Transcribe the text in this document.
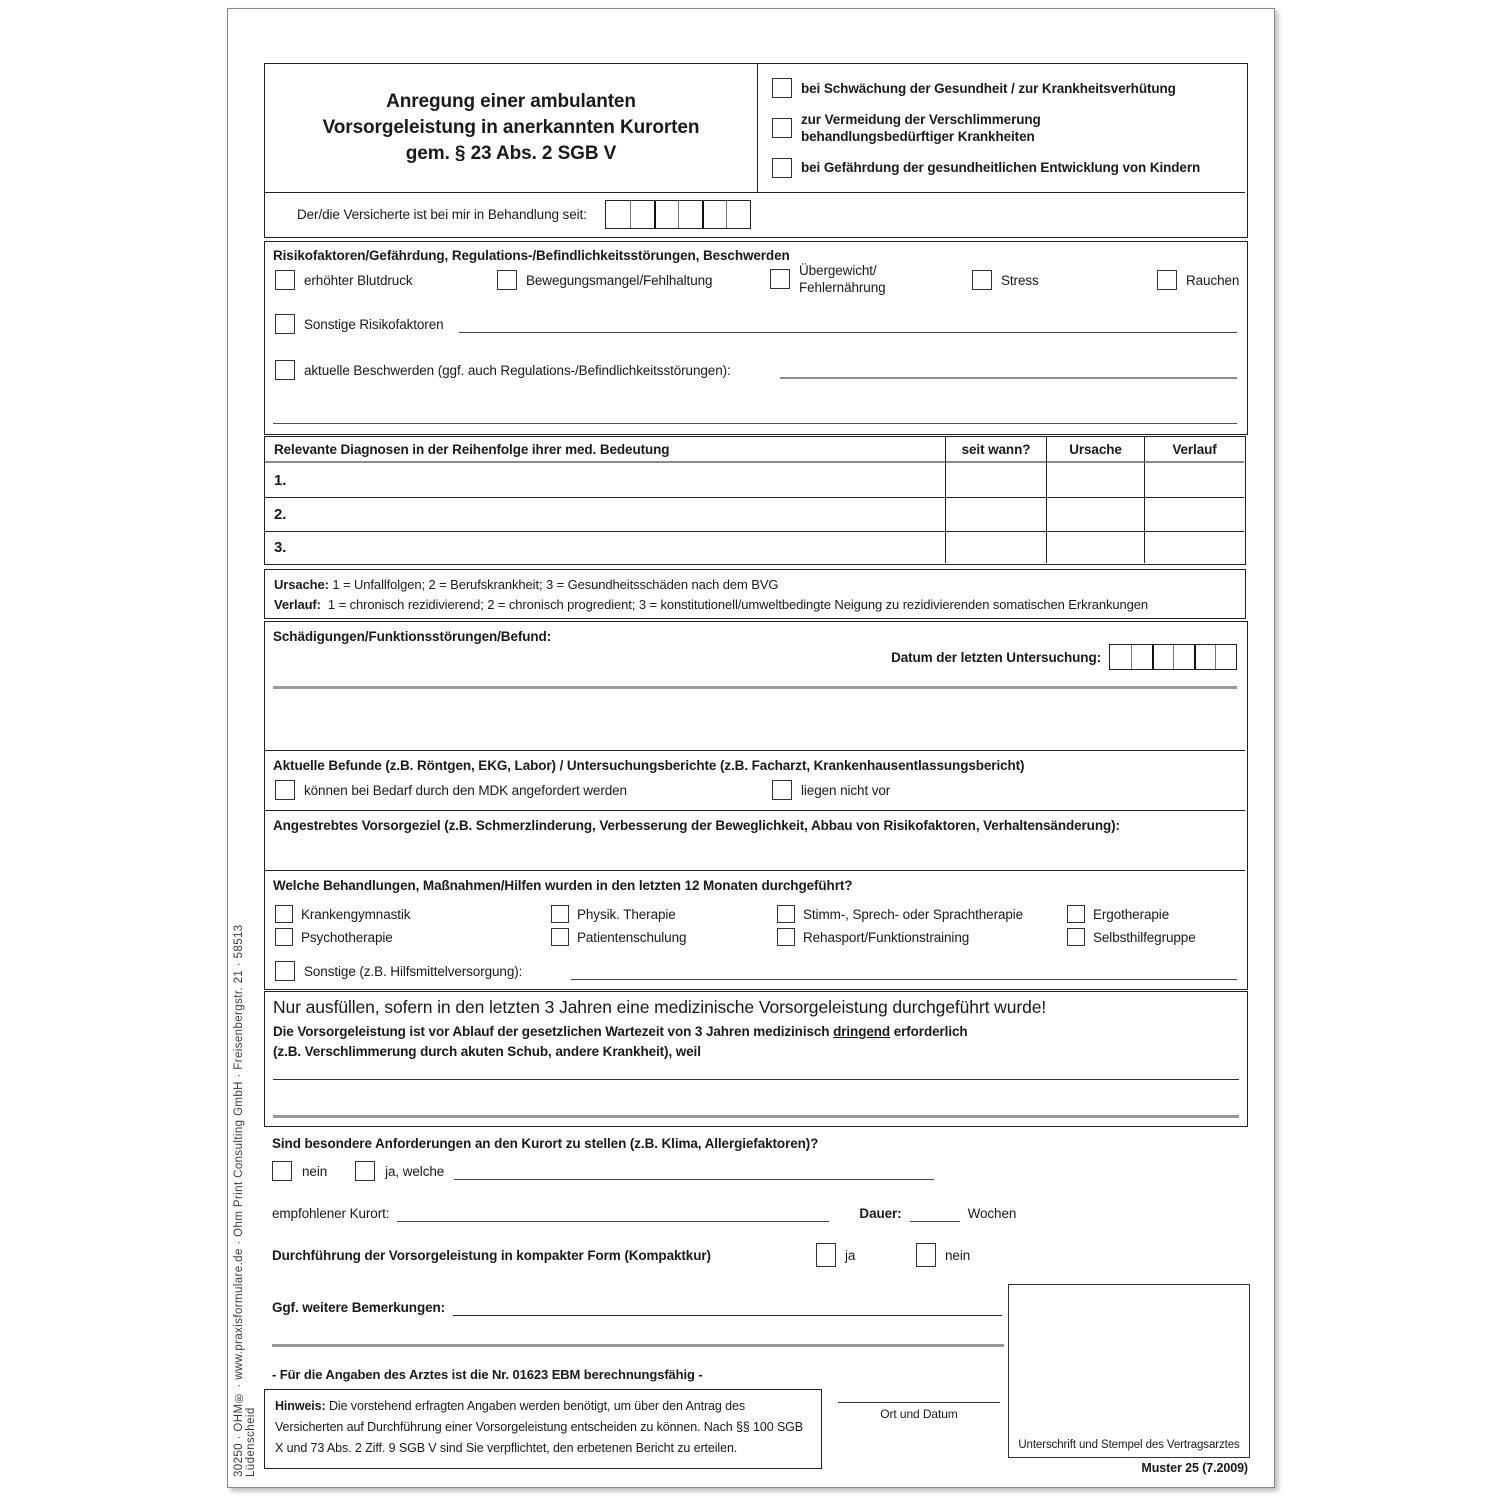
30250 · OHM® · www.praxisformulare.de · Ohm Print Consulting GmbH · Freisenbergstr. 21 · 58513 Lüdenscheid
Anregung einer ambulanten
Vorsorgeleistung in anerkannten Kurorten
gem. § 23 Abs. 2 SGB V
bei Schwächung der Gesundheit / zur Krankheitsverhütung
zur Vermeidung der Verschlimmerung behandlungsbedürftiger Krankheiten
bei Gefährdung der gesundheitlichen Entwicklung von Kindern
Der/die Versicherte ist bei mir in Behandlung seit:
Risikofaktoren/Gefährdung, Regulations-/Befindlichkeitsstörungen, Beschwerden
erhöhter Blutdruck	Bewegungsmangel/Fehlhaltung
Übergewicht/ Fehlernährung	Stress	Rauchen
Sonstige Risikofaktoren
aktuelle Beschwerden (ggf. auch Regulations-/Befindlichkeitsstörungen):
Relevante Diagnosen in der Reihenfolge ihrer med. Bedeutung	seit wann?	Ursache	Verlauf
1.
2.
3.
Ursache: 1 = Unfallfolgen; 2 = Berufskrankheit; 3 = Gesundheitsschäden nach dem BVG
Verlauf: 1 = chronisch rezidivierend; 2 = chronisch progredient; 3 = konstitutionell/umweltbedingte Neigung zu rezidivierenden somatischen Erkrankungen
Schädigungen/Funktionsstörungen/Befund:
Datum der letzten Untersuchung:
Aktuelle Befunde (z.B. Röntgen, EKG, Labor) / Untersuchungsberichte (z.B. Facharzt, Krankenhausentlassungsbericht)
können bei Bedarf durch den MDK angefordert werden	liegen nicht vor
Angestrebtes Vorsorgeziel (z.B. Schmerzlinderung, Verbesserung der Beweglichkeit, Abbau von Risikofaktoren, Verhaltensänderung):
Welche Behandlungen, Maßnahmen/Hilfen wurden in den letzten 12 Monaten durchgeführt?
Krankengymnastik	Physik. Therapie	Stimm-, Sprech- oder Sprachtherapie	Ergotherapie
Psychotherapie	Patientenschulung	Rehasport/Funktionstraining	Selbsthilfegruppe
Sonstige (z.B. Hilfsmittelversorgung):
Nur ausfüllen, sofern in den letzten 3 Jahren eine medizinische Vorsorgeleistung durchgeführt wurde!
Die Vorsorgeleistung ist vor Ablauf der gesetzlichen Wartezeit von 3 Jahren medizinisch dringend erforderlich
(z.B. Verschlimmerung durch akuten Schub, andere Krankheit), weil
Sind besondere Anforderungen an den Kurort zu stellen (z.B. Klima, Allergiefaktoren)?
nein	ja, welche
empfohlener Kurort:	Dauer:	Wochen
Durchführung der Vorsorgeleistung in kompakter Form (Kompaktkur)	ja	nein
Ggf. weitere Bemerkungen:
- Für die Angaben des Arztes ist die Nr. 01623 EBM berechnungsfähig -
Hinweis: Die vorstehend erfragten Angaben werden benötigt, um über den Antrag des Versicherten auf Durchführung einer Vorsorgeleistung entscheiden zu können. Nach §§ 100 SGB X und 73 Abs. 2 Ziff. 9 SGB V sind Sie verpflichtet, den erbetenen Bericht zu erteilen.
Ort und Datum
Unterschrift und Stempel des Vertragsarztes
Muster 25 (7.2009)
